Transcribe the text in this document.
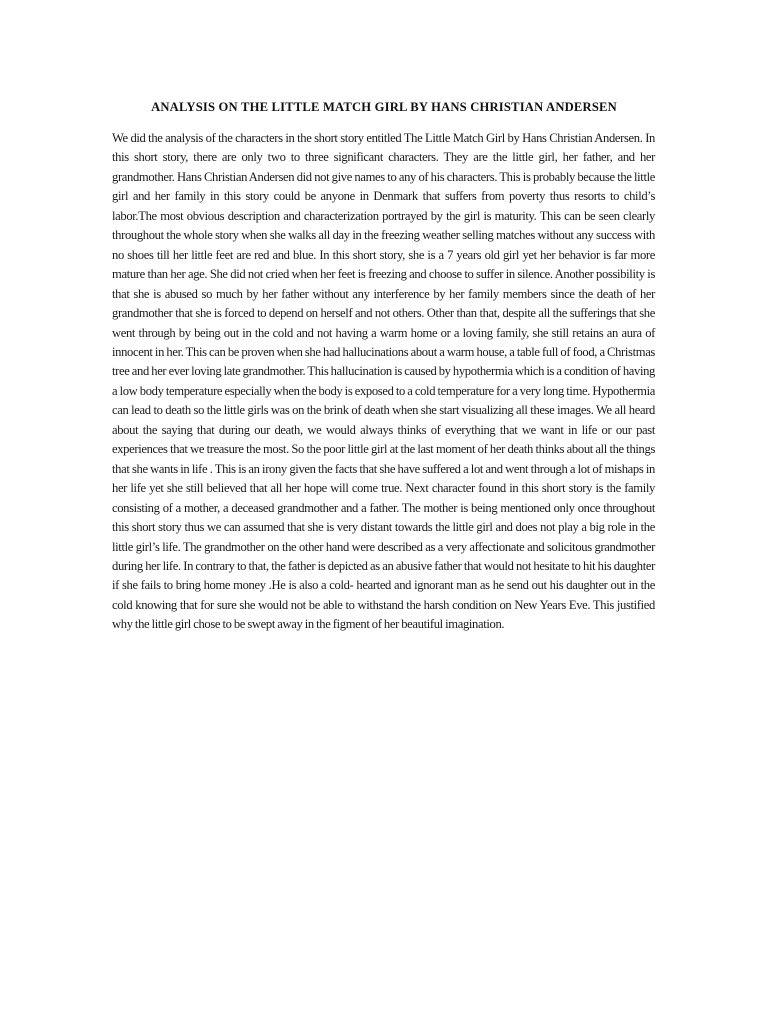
ANALYSIS ON THE LITTLE MATCH GIRL BY HANS CHRISTIAN ANDERSEN

We did the analysis of the characters in the short story entitled The Little Match Girl by Hans Christian Andersen. In this short story, there are only two to three significant characters. They are the little girl, her father, and her grandmother. Hans Christian Andersen did not give names to any of his characters. This is probably because the little girl and her family in this story could be anyone in Denmark that suffers from poverty thus resorts to child’s labor.The most obvious description and characterization portrayed by the girl is maturity. This can be seen clearly throughout the whole story when she walks all day in the freezing weather selling matches without any success with no shoes till her little feet are red and blue. In this short story, she is a 7 years old girl yet her behavior is far more mature than her age. She did not cried when her feet is freezing and choose to suffer in silence. Another possibility is that she is abused so much by her father without any interference by her family members since the death of her grandmother that she is forced to depend on herself and not others. Other than that, despite all the sufferings that she went through by being out in the cold and not having a warm home or a loving family, she still retains an aura of innocent in her. This can be proven when she had hallucinations about a warm house, a table full of food, a Christmas tree and her ever loving late grandmother. This hallucination is caused by hypothermia which is a condition of having a low body temperature especially when the body is exposed to a cold temperature for a very long time. Hypothermia can lead to death so the little girls was on the brink of death when she start visualizing all these images. We all heard about the saying that during our death, we would always thinks of everything that we want in life or our past experiences that we treasure the most. So the poor little girl at the last moment of her death thinks about all the things that she wants in life . This is an irony given the facts that she have suffered a lot and went through a lot of mishaps in her life yet she still believed that all her hope will come true. Next character found in this short story is the family consisting of a mother, a deceased grandmother and a father. The mother is being mentioned only once throughout this short story thus we can assumed that she is very distant towards the little girl and does not play a big role in the little girl’s life. The grandmother on the other hand were described as a very affectionate and solicitous grandmother during her life. In contrary to that, the father is depicted as an abusive father that would not hesitate to hit his daughter if she fails to bring home money .He is also a cold- hearted and ignorant man as he send out his daughter out in the cold knowing that for sure she would not be able to withstand the harsh condition on New Years Eve. This justified why the little girl chose to be swept away in the figment of her beautiful imagination.
